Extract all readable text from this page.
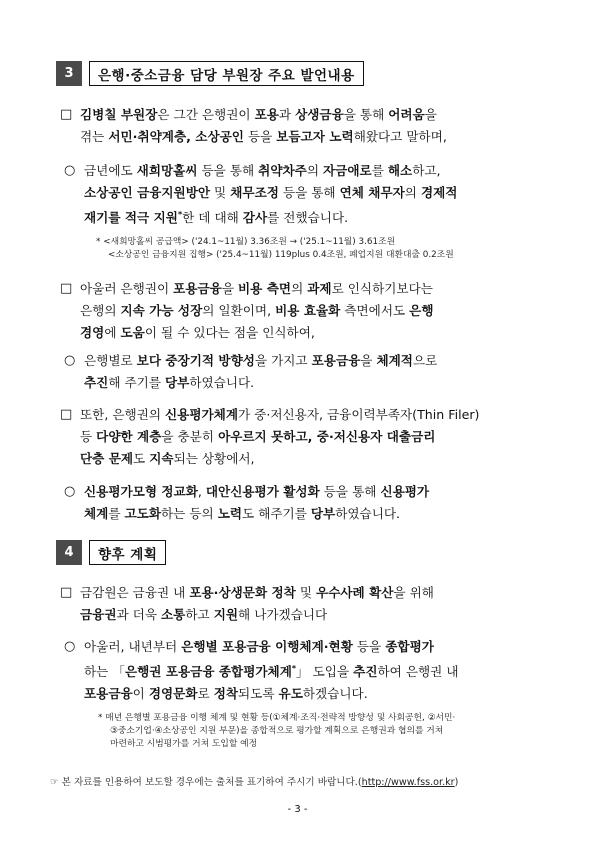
3	은행·중소금융 담당 부원장 주요 발언내용
□ 김병칠 부원장은 그간 은행권이 포용과 상생금융을 통해 어려움을
겪는 서민·취약계층, 소상공인 등을 보듬고자 노력해왔다고 말하며,
○ 금년에도 새희망홀씨 등을 통해 취약차주의 자금애로를 해소하고,
소상공인 금융지원방안 및 채무조정 등을 통해 연체 채무자의 경제적
재기를 적극 지원*한 데 대해 감사를 전했습니다.
* <새희망홀씨 공급액> ('24.1~11월) 3.36조원 → ('25.1~11월) 3.61조원
<소상공인 금융지원 집행> ('25.4~11월) 119plus 0.4조원, 폐업지원 대환대출 0.2조원
□ 아울러 은행권이 포용금융을 비용 측면의 과제로 인식하기보다는
은행의 지속 가능 성장의 일환이며, 비용 효율화 측면에서도 은행
경영에 도움이 될 수 있다는 점을 인식하여,
○ 은행별로 보다 중장기적 방향성을 가지고 포용금융을 체계적으로
추진해 주기를 당부하였습니다.
□ 또한, 은행권의 신용평가체계가 중·저신용자, 금융이력부족자(Thin Filer)
등 다양한 계층을 충분히 아우르지 못하고, 중·저신용자 대출금리
단층 문제도 지속되는 상황에서,
○ 신용평가모형 정교화, 대안신용평가 활성화 등을 통해 신용평가
체계를 고도화하는 등의 노력도 해주기를 당부하였습니다.
4	향후 계획
□ 금감원은 금융권 내 포용·상생문화 정착 및 우수사례 확산을 위해
금융권과 더욱 소통하고 지원해 나가겠습니다
○ 아울러, 내년부터 은행별 포용금융 이행체계·현황 등을 종합평가
하는 「은행권 포용금융 종합평가체계*」 도입을 추진하여 은행권 내
포용금융이 경영문화로 정착되도록 유도하겠습니다.
* 매년 은행별 포용금융 이행 체계 및 현황 등(①체계·조직·전략적 방향성 및 사회공헌, ②서민·
③중소기업·④소상공인 지원 부문)을 종합적으로 평가할 계획으로 은행권과 협의를 거쳐
마련하고 시범평가를 거쳐 도입할 예정
☞ 본 자료를 인용하여 보도할 경우에는 출처를 표기하여 주시기 바랍니다.(http://www.fss.or.kr)
- 3 -
